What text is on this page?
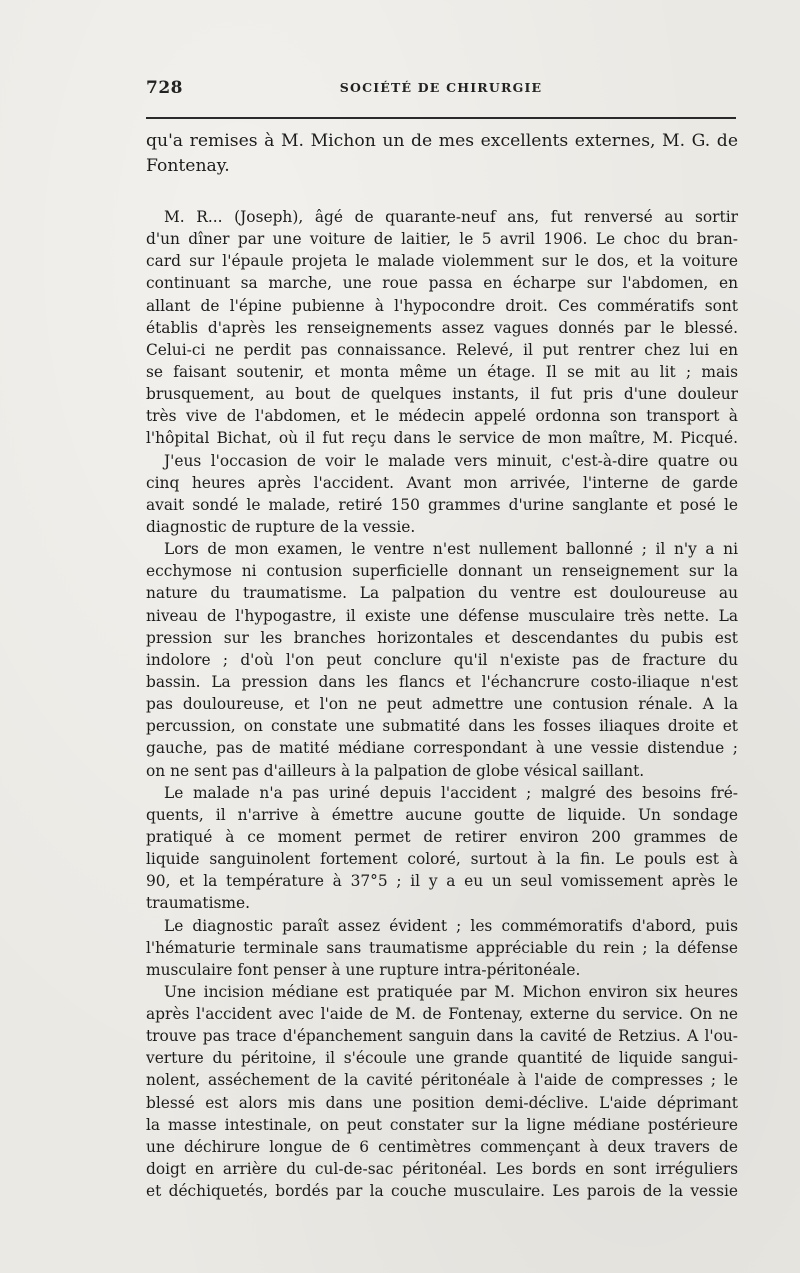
728	SOCIÉTÉ DE CHIRURGIE
qu'a remises à M. Michon un de mes excellents externes, M. G. de
Fontenay.
M. R... (Joseph), âgé de quarante-neuf ans, fut renversé au sortir
d'un dîner par une voiture de laitier, le 5 avril 1906. Le choc du bran-
card sur l'épaule projeta le malade violemment sur le dos, et la voiture
continuant sa marche, une roue passa en écharpe sur l'abdomen, en
allant de l'épine pubienne à l'hypocondre droit. Ces commératifs sont
établis d'après les renseignements assez vagues donnés par le blessé.
Celui-ci ne perdit pas connaissance. Relevé, il put rentrer chez lui en
se faisant soutenir, et monta même un étage. Il se mit au lit ; mais
brusquement, au bout de quelques instants, il fut pris d'une douleur
très vive de l'abdomen, et le médecin appelé ordonna son transport à
l'hôpital Bichat, où il fut reçu dans le service de mon maître, M. Picqué.
J'eus l'occasion de voir le malade vers minuit, c'est-à-dire quatre ou
cinq heures après l'accident. Avant mon arrivée, l'interne de garde
avait sondé le malade, retiré 150 grammes d'urine sanglante et posé le
diagnostic de rupture de la vessie.
Lors de mon examen, le ventre n'est nullement ballonné ; il n'y a ni
ecchymose ni contusion superficielle donnant un renseignement sur la
nature du traumatisme. La palpation du ventre est douloureuse au
niveau de l'hypogastre, il existe une défense musculaire très nette. La
pression sur les branches horizontales et descendantes du pubis est
indolore ; d'où l'on peut conclure qu'il n'existe pas de fracture du
bassin. La pression dans les flancs et l'échancrure costo-iliaque n'est
pas douloureuse, et l'on ne peut admettre une contusion rénale. A la
percussion, on constate une submatité dans les fosses iliaques droite et
gauche, pas de matité médiane correspondant à une vessie distendue ;
on ne sent pas d'ailleurs à la palpation de globe vésical saillant.
Le malade n'a pas uriné depuis l'accident ; malgré des besoins fré-
quents, il n'arrive à émettre aucune goutte de liquide. Un sondage
pratiqué à ce moment permet de retirer environ 200 grammes de
liquide sanguinolent fortement coloré, surtout à la fin. Le pouls est à
90, et la température à 37°5 ; il y a eu un seul vomissement après le
traumatisme.
Le diagnostic paraît assez évident ; les commémoratifs d'abord, puis
l'hématurie terminale sans traumatisme appréciable du rein ; la défense
musculaire font penser à une rupture intra-péritonéale.
Une incision médiane est pratiquée par M. Michon environ six heures
après l'accident avec l'aide de M. de Fontenay, externe du service. On ne
trouve pas trace d'épanchement sanguin dans la cavité de Retzius. A l'ou-
verture du péritoine, il s'écoule une grande quantité de liquide sangui-
nolent, asséchement de la cavité péritonéale à l'aide de compresses ; le
blessé est alors mis dans une position demi-déclive. L'aide déprimant
la masse intestinale, on peut constater sur la ligne médiane postérieure
une déchirure longue de 6 centimètres commençant à deux travers de
doigt en arrière du cul-de-sac péritonéal. Les bords en sont irréguliers
et déchiquetés, bordés par la couche musculaire. Les parois de la vessie
